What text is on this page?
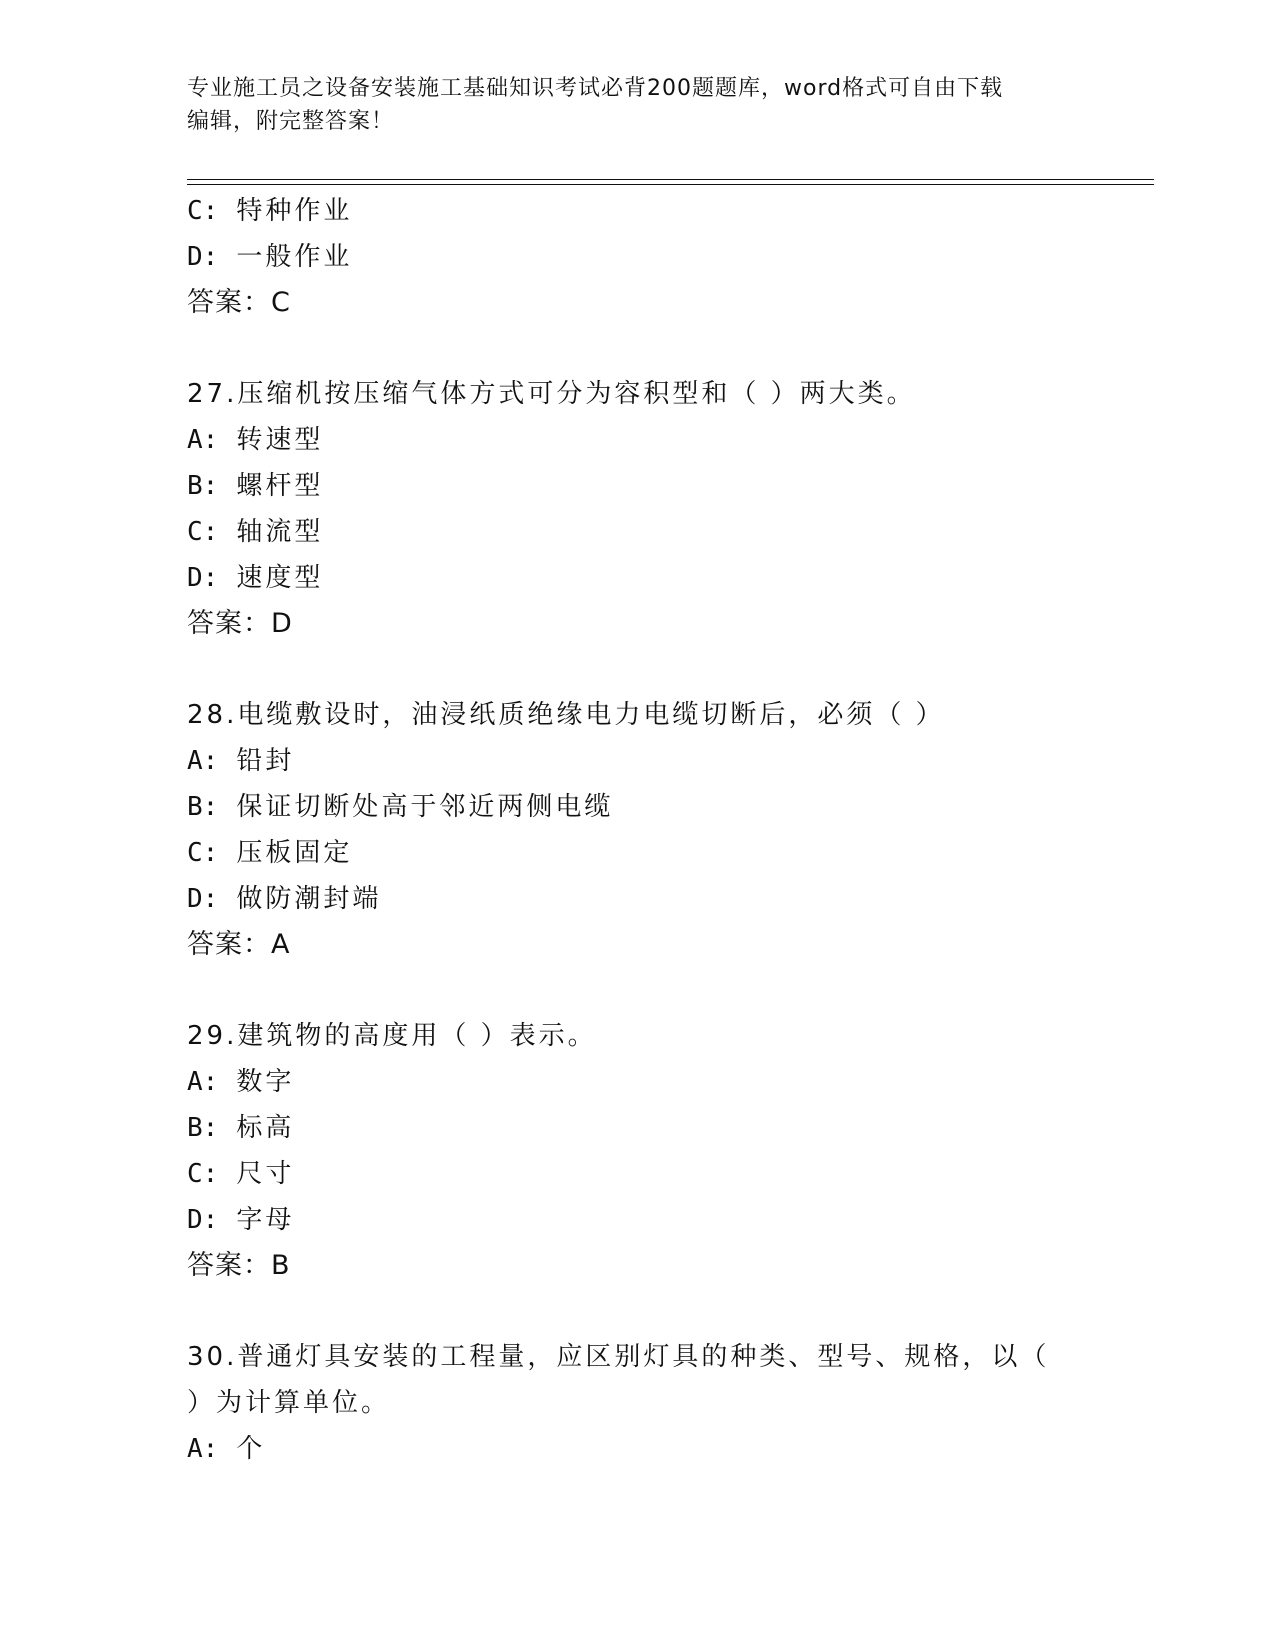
专业施工员之设备安装施工基础知识考试必背200题题库，word格式可自由下载
编辑，附完整答案！
C: 特种作业
D: 一般作业
答案：C
27.压缩机按压缩气体方式可分为容积型和（ ）两大类。
A: 转速型
B: 螺杆型
C: 轴流型
D: 速度型
答案：D
28.电缆敷设时，油浸纸质绝缘电力电缆切断后，必须（ ）
A: 铅封
B: 保证切断处高于邻近两侧电缆
C: 压板固定
D: 做防潮封端
答案：A
29.建筑物的高度用（ ）表示。
A: 数字
B: 标高
C: 尺寸
D: 字母
答案：B
30.普通灯具安装的工程量，应区别灯具的种类、型号、规格，以（
）为计算单位。
A: 个
